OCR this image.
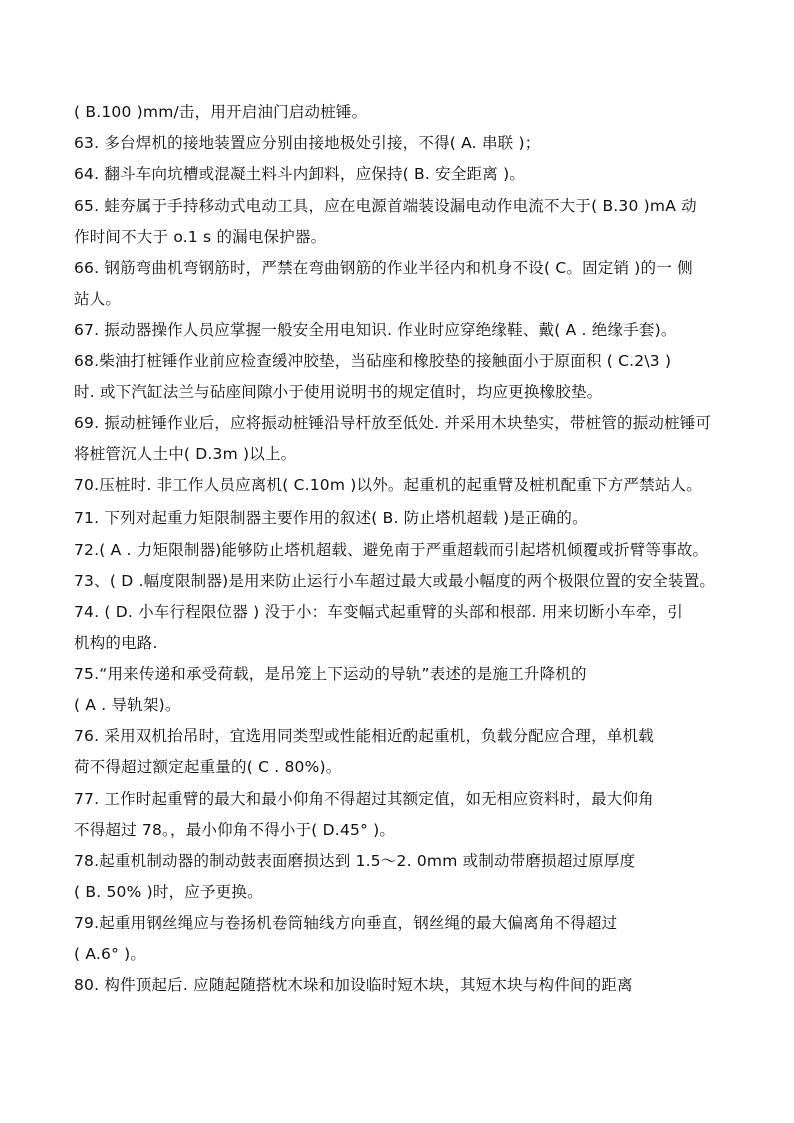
( B.100 )mm/击，用开启油门启动桩锤。
63. 多台焊机的接地装置应分别由接地极处引接，不得( A. 串联 )；
64. 翻斗车向坑槽或混凝土料斗内卸料，应保持( B. 安全距离 )。
65. 蛙夯属于手持移动式电动工具，应在电源首端装设漏电动作电流不大于( B.30 )mA 动
作时间不大于 o.1 s 的漏电保护器。
66. 钢筋弯曲机弯钢筋时，严禁在弯曲钢筋的作业半径内和机身不设( C。固定销 )的一 侧
站人。
67. 振动器操作人员应掌握一般安全用电知识. 作业时应穿绝缘鞋、戴( A . 绝缘手套)。
68.柴油打桩锤作业前应检查缓冲胶垫，当砧座和橡胶垫的接触面小于原面积 ( C.2\3 )
时. 或下汽缸法兰与砧座间隙小于使用说明书的规定值时，均应更换橡胶垫。
69. 振动桩锤作业后，应将振动桩锤沿导杆放至低处. 并采用木块垫实，带桩管的振动桩锤可
将桩管沉人土中( D.3m )以上。
70.压桩时. 非工作人员应离机( C.10m )以外。起重机的起重臂及桩机配重下方严禁站人。
71. 下列对起重力矩限制器主要作用的叙述( B. 防止塔机超载 )是正确的。
72.( A . 力矩限制器)能够防止塔机超载、避免南于严重超载而引起塔机倾覆或折臂等事故。
73、( D .幅度限制器)是用来防止运行小车超过最大或最小幅度的两个极限位置的安全装置。
74. ( D. 小车行程限位器 ) 没于小：车变幅式起重臂的头部和根部. 用来切断小车牵，引
机构的电路.
75.“用来传递和承受荷载，是吊笼上下运动的导轨”表述的是施工升降机的
( A . 导轨架)。
76. 采用双机抬吊时，宜选用同类型或性能相近酌起重机，负载分配应合理，单机载
荷不得超过额定起重量的( C . 80%)。
77. 工作时起重臂的最大和最小仰角不得超过其额定值，如无相应资料时，最大仰角
不得超过 78。，最小仰角不得小于( D.45° )。
78.起重机制动器的制动鼓表面磨损达到 1.5～2. 0mm 或制动带磨损超过原厚度
( B. 50% )时，应予更换。
79.起重用钢丝绳应与卷扬机卷筒轴线方向垂直，钢丝绳的最大偏离角不得超过
( A.6° )。
80. 构件顶起后. 应随起随搭枕木垛和加设临时短木块，其短木块与构件间的距离
